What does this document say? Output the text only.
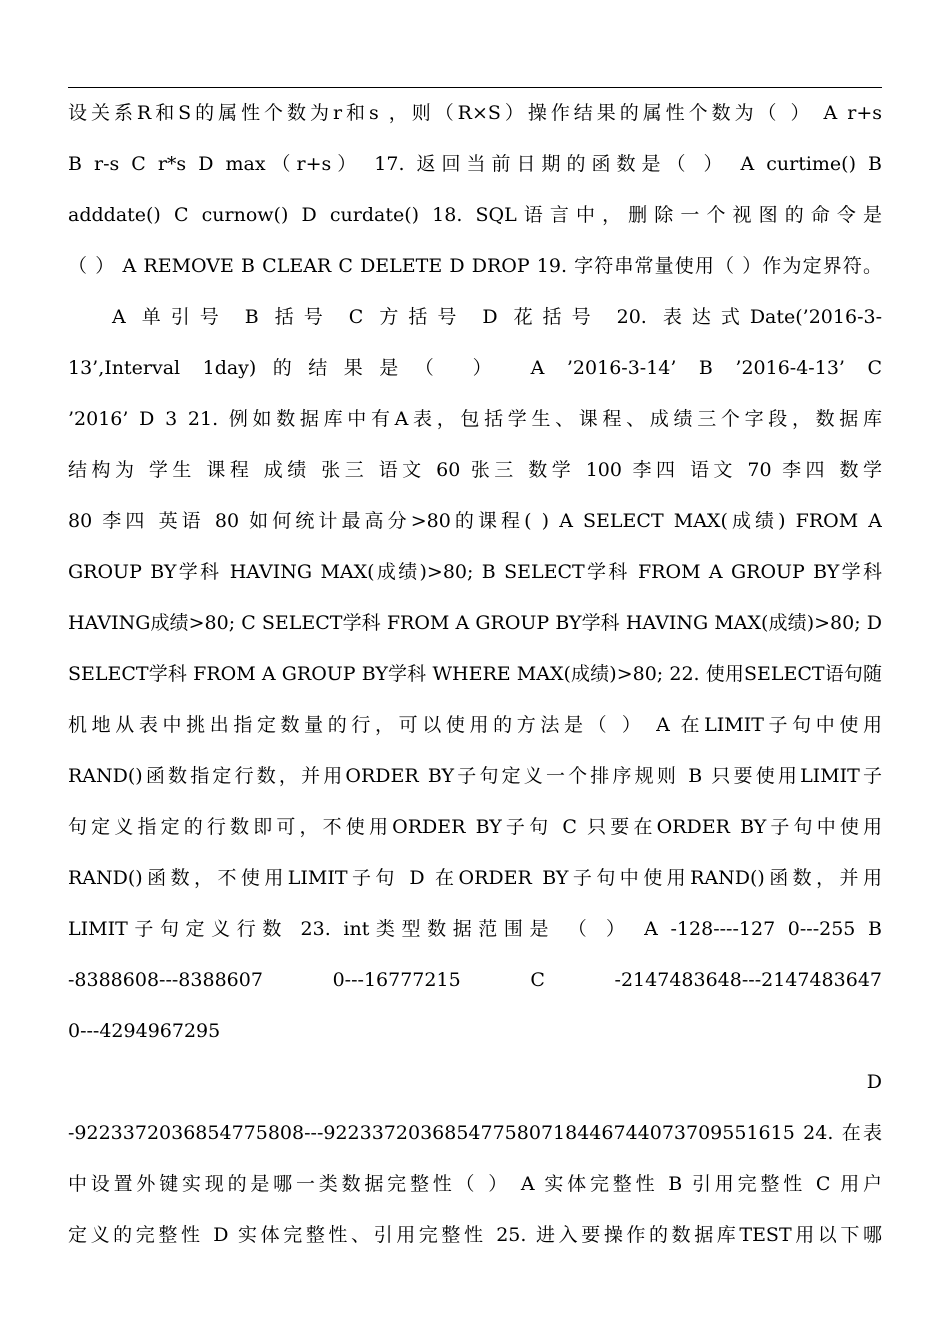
设关系R和S的属性个数为r和s ，则（R×S）操作结果的属性个数为（ ） A r+s
B r-s C r*s D max（r+s） 17. 返回当前日期的函数是（ ） A curtime() B
adddate() C curnow() D curdate() 18. SQL语言中，删除一个视图的命令是
（ ） A REMOVE B CLEAR C DELETE D DROP 19. 字符串常量使用（ ）作为定界符。
A 单引号 B 括号 C 方括号 D 花括号 20. 表达式Date(’2016-3-
13’,Interval 1day)的结果是（ ） A ’2016-3-14’ B ’2016-4-13’ C
’2016’ D 3 21. 例如数据库中有A表，包括学生、课程、成绩三个字段，数据库
结构为 学生 课程 成绩 张三 语文 60 张三 数学 100 李四 语文 70 李四 数学
80 李四 英语 80 如何统计最高分>80的课程( ) A SELECT MAX(成绩) FROM A
GROUP BY学科 HAVING MAX(成绩)>80; B SELECT学科 FROM A GROUP BY学科
HAVING成绩>80; C SELECT学科 FROM A GROUP BY学科 HAVING MAX(成绩)>80; D
SELECT学科 FROM A GROUP BY学科 WHERE MAX(成绩)>80; 22. 使用SELECT语句随
机地从表中挑出指定数量的行，可以使用的方法是（ ） A 在LIMIT子句中使用
RAND()函数指定行数，并用ORDER BY子句定义一个排序规则 B 只要使用LIMIT子
句定义指定的行数即可，不使用ORDER BY子句 C 只要在ORDER BY子句中使用
RAND()函数，不使用LIMIT子句 D 在ORDER BY子句中使用RAND()函数，并用
LIMIT子句定义行数 23. int类型数据范围是 （ ） A -128----127 0---255 B
-8388608---8388607 0---16777215 C -2147483648---2147483647
0---4294967295
D
-9223372036854775808---922337203685477580718446744073709551615 24. 在表
中设置外键实现的是哪一类数据完整性（ ） A 实体完整性 B 引用完整性 C 用户
定义的完整性 D 实体完整性、引用完整性 25. 进入要操作的数据库TEST用以下哪
